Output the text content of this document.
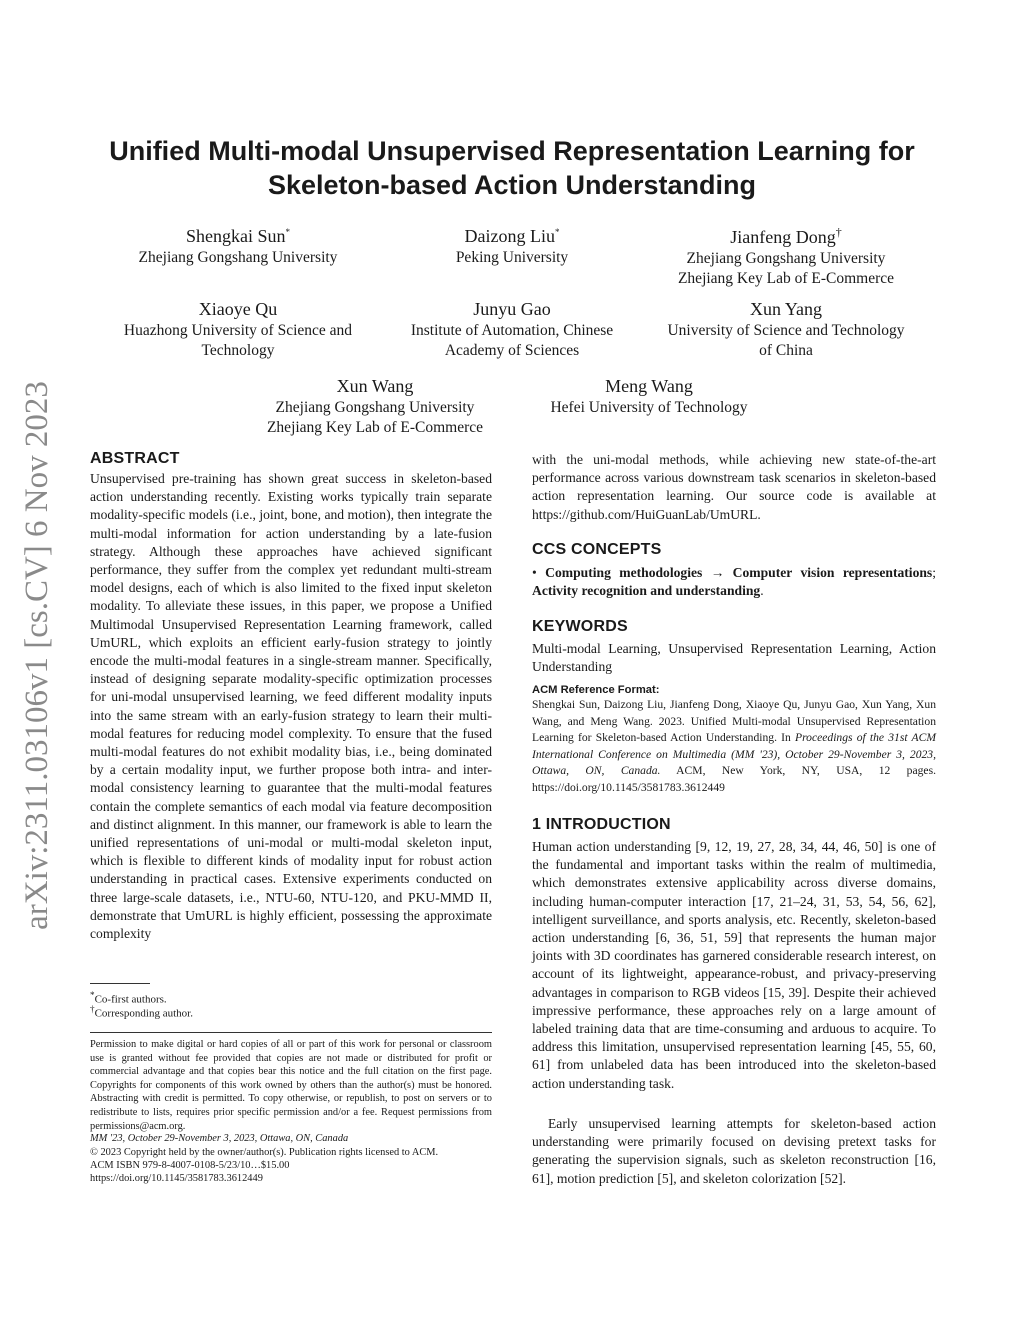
arXiv:2311.03106v1 [cs.CV] 6 Nov 2023
Unified Multi-modal Unsupervised Representation Learning for
Skeleton-based Action Understanding
Shengkai Sun*
Zhejiang Gongshang University
Daizong Liu*
Peking University
Jianfeng Dong†
Zhejiang Gongshang University
Zhejiang Key Lab of E-Commerce
Xiaoye Qu
Huazhong University of Science and
Technology
Junyu Gao
Institute of Automation, Chinese
Academy of Sciences
Xun Yang
University of Science and Technology
of China
Xun Wang
Zhejiang Gongshang University
Zhejiang Key Lab of E-Commerce
Meng Wang
Hefei University of Technology
ABSTRACT

Unsupervised pre-training has shown great success in skeleton-based action understanding recently. Existing works typically train separate modality-specific models (i.e., joint, bone, and motion), then integrate the multi-modal information for action understanding by a late-fusion strategy. Although these approaches have achieved significant performance, they suffer from the complex yet redundant multi-stream model designs, each of which is also limited to the fixed input skeleton modality. To alleviate these issues, in this paper, we propose a Unified Multimodal Unsupervised Representation Learning framework, called UmURL, which exploits an efficient early-fusion strategy to jointly encode the multi-modal features in a single-stream manner. Specifically, instead of designing separate modality-specific optimization processes for uni-modal unsupervised learning, we feed different modality inputs into the same stream with an early-fusion strategy to learn their multi-modal features for reducing model complexity. To ensure that the fused multi-modal features do not exhibit modality bias, i.e., being dominated by a certain modality input, we further propose both intra- and inter-modal consistency learning to guarantee that the multi-modal features contain the complete semantics of each modal via feature decomposition and distinct alignment. In this manner, our framework is able to learn the unified representations of uni-modal or multi-modal skeleton input, which is flexible to different kinds of modality input for robust action understanding in practical cases. Extensive experiments conducted on three large-scale datasets, i.e., NTU-60, NTU-120, and PKU-MMD II, demonstrate that UmURL is highly efficient, possessing the approximate complexity

*Co-first authors.

†Corresponding author.

Permission to make digital or hard copies of all or part of this work for personal or classroom use is granted without fee provided that copies are not made or distributed for profit or commercial advantage and that copies bear this notice and the full citation on the first page. Copyrights for components of this work owned by others than the author(s) must be honored. Abstracting with credit is permitted. To copy otherwise, or republish, to post on servers or to redistribute to lists, requires prior specific permission and/or a fee. Request permissions from permissions@acm.org.

MM '23, October 29-November 3, 2023, Ottawa, ON, Canada

© 2023 Copyright held by the owner/author(s). Publication rights licensed to ACM.

ACM ISBN 979-8-4007-0108-5/23/10…$15.00

https://doi.org/10.1145/3581783.3612449

with the uni-modal methods, while achieving new state-of-the-art performance across various downstream task scenarios in skeleton-based action representation learning. Our source code is available at https://github.com/HuiGuanLab/UmURL.

CCS CONCEPTS

• Computing methodologies → Computer vision representations; Activity recognition and understanding.

KEYWORDS

Multi-modal Learning, Unsupervised Representation Learning, Action Understanding

ACM Reference Format:

Shengkai Sun, Daizong Liu, Jianfeng Dong, Xiaoye Qu, Junyu Gao, Xun Yang, Xun Wang, and Meng Wang. 2023. Unified Multi-modal Unsupervised Representation Learning for Skeleton-based Action Understanding. In Proceedings of the 31st ACM International Conference on Multimedia (MM '23), October 29-November 3, 2023, Ottawa, ON, Canada. ACM, New York, NY, USA, 12 pages. https://doi.org/10.1145/3581783.3612449

1 INTRODUCTION

Human action understanding [9, 12, 19, 27, 28, 34, 44, 46, 50] is one of the fundamental and important tasks within the realm of multimedia, which demonstrates extensive applicability across diverse domains, including human-computer interaction [17, 21–24, 31, 53, 54, 56, 62], intelligent surveillance, and sports analysis, etc. Recently, skeleton-based action understanding [6, 36, 51, 59] that represents the human major joints with 3D coordinates has garnered considerable research interest, on account of its lightweight, appearance-robust, and privacy-preserving advantages in comparison to RGB videos [15, 39]. Despite their achieved impressive performance, these approaches rely on a large amount of labeled training data that are time-consuming and arduous to acquire. To address this limitation, unsupervised representation learning [45, 55, 60, 61] from unlabeled data has been introduced into the skeleton-based action understanding task.

Early unsupervised learning attempts for skeleton-based action understanding were primarily focused on devising pretext tasks for generating the supervision signals, such as skeleton reconstruction [16, 61], motion prediction [5], and skeleton colorization [52].
